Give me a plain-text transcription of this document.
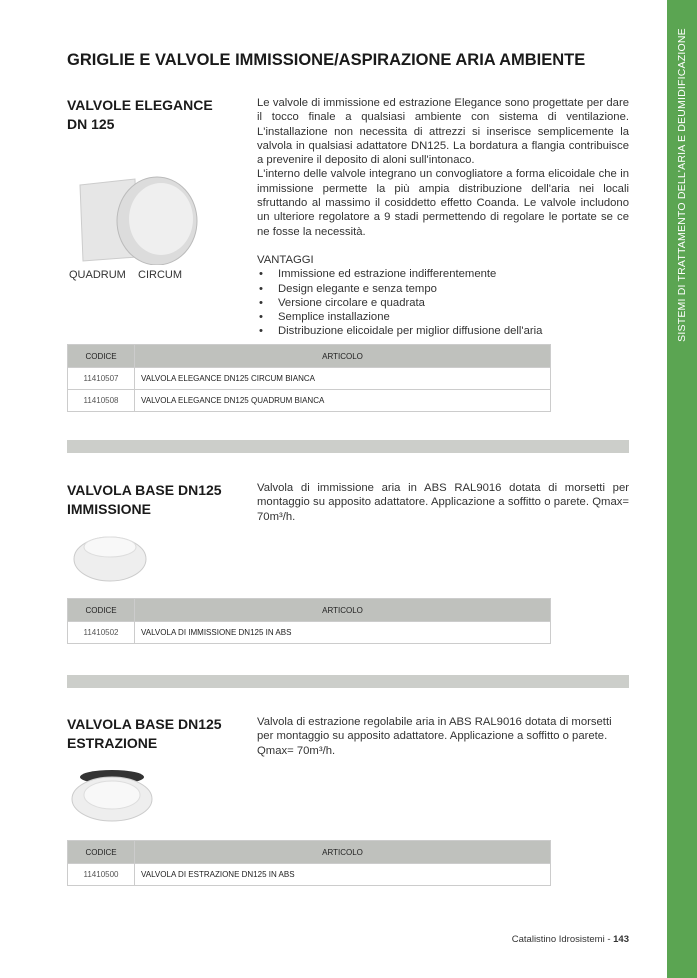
SISTEMI DI TRATTAMENTO DELL'ARIA E DEUMIDIFICAZIONE
GRIGLIE E VALVOLE IMMISSIONE/ASPIRAZIONE ARIA AMBIENTE
VALVOLE ELEGANCE
DN 125
QUADRUM CIRCUM

Le valvole di immissione ed estrazione Elegance sono progettate per dare il tocco finale a qualsiasi ambiente con sistema di ventilazione. L'installazione non necessita di attrezzi si inserisce semplicemente la valvola in qualsiasi adattatore DN125. La bordatura a flangia contribuisce a prevenire il deposito di aloni sull'intonaco.

L'interno delle valvole integrano un convogliatore a forma elicoidale che in immissione permette la più ampia distribuzione dell'aria nei locali sfruttando al massimo il cosiddetto effetto Coanda. Le valvole includono un ulteriore regolatore a 9 stadi permettendo di regolare le portate se ce ne fosse la necessità.

VANTAGGI

• Immissione ed estrazione indifferentemente
• Design elegante e senza tempo
• Versione circolare e quadrata
• Semplice installazione
• Distribuzione elicoidale per miglior diffusione dell'aria
CODICE	ARTICOLO
11410507	VALVOLA ELEGANCE DN125 CIRCUM BIANCA
11410508	VALVOLA ELEGANCE DN125 QUADRUM BIANCA
VALVOLA BASE DN125
IMMISSIONE

Valvola di immissione aria in ABS RAL9016 dotata di morsetti per montaggio su apposito adattatore. Applicazione a soffitto o parete. Qmax= 70m³/h.

CODICE	ARTICOLO
11410502	VALVOLA DI IMMISSIONE DN125 IN ABS
VALVOLA BASE DN125
ESTRAZIONE

Valvola di estrazione regolabile aria in ABS RAL9016 dotata di morsetti per montaggio su apposito adattatore. Applicazione a soffitto o parete. Qmax= 70m³/h.

CODICE	ARTICOLO
11410500	VALVOLA DI ESTRAZIONE DN125 IN ABS
Catalistino Idrosistemi - 143
